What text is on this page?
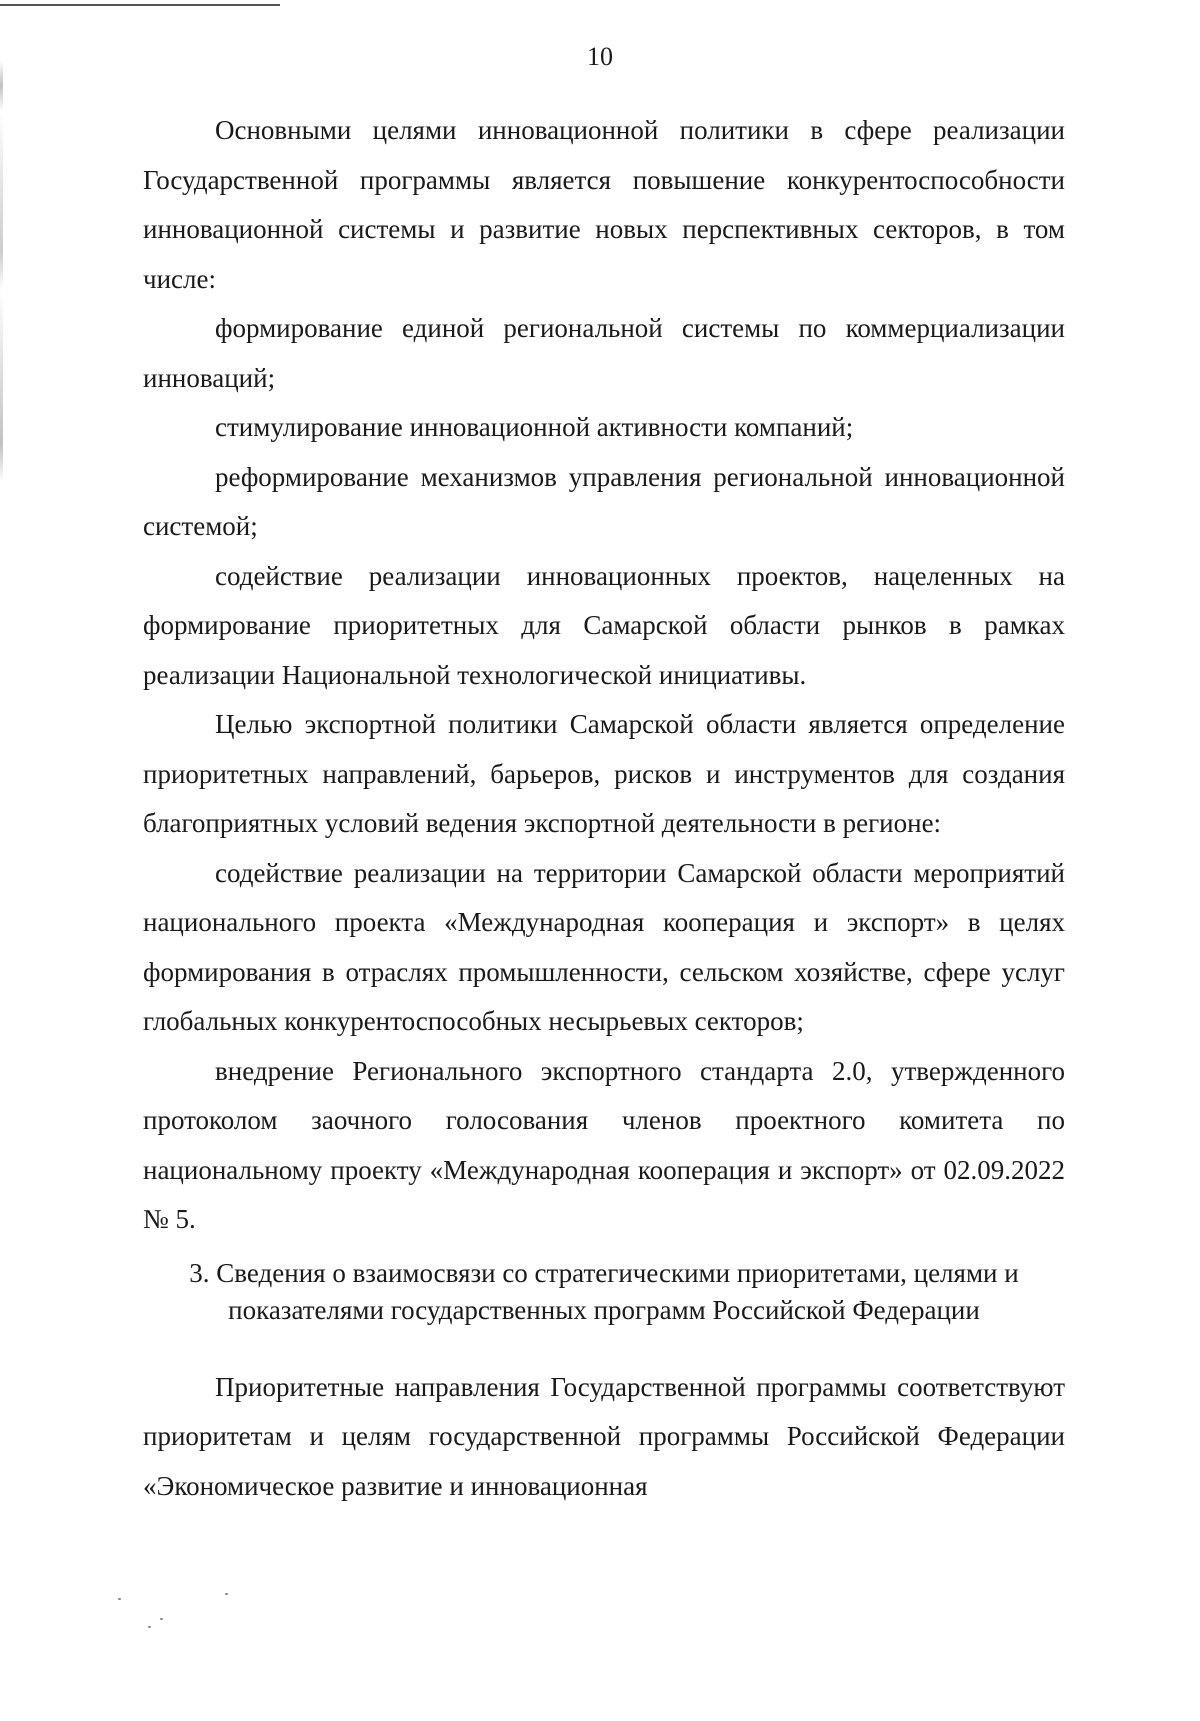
10

Основными целями инновационной политики в сфере реализации Государственной программы является повышение конкурентоспособности инновационной системы и развитие новых перспективных секторов, в том числе:

формирование единой региональной системы по коммерциализации инноваций;

стимулирование инновационной активности компаний;

реформирование механизмов управления региональной инновационной системой;

содействие реализации инновационных проектов, нацеленных на формирование приоритетных для Самарской области рынков в рамках реализации Национальной технологической инициативы.

Целью экспортной политики Самарской области является определение приоритетных направлений, барьеров, рисков и инструментов для создания благоприятных условий ведения экспортной деятельности в регионе:

содействие реализации на территории Самарской области мероприятий национального проекта «Международная кооперация и экспорт» в целях формирования в отраслях промышленности, сельском хозяйстве, сфере услуг глобальных конкурентоспособных несырьевых секторов;

внедрение Регионального экспортного стандарта 2.0, утвержденного протоколом заочного голосования членов проектного комитета по национальному проекту «Международная кооперация и экспорт» от 02.09.2022 № 5.

3. Сведения о взаимосвязи со стратегическими приоритетами, целями и показателями государственных программ Российской Федерации

Приоритетные направления Государственной программы соответствуют приоритетам и целям государственной программы Российской Федерации «Экономическое развитие и инновационная
